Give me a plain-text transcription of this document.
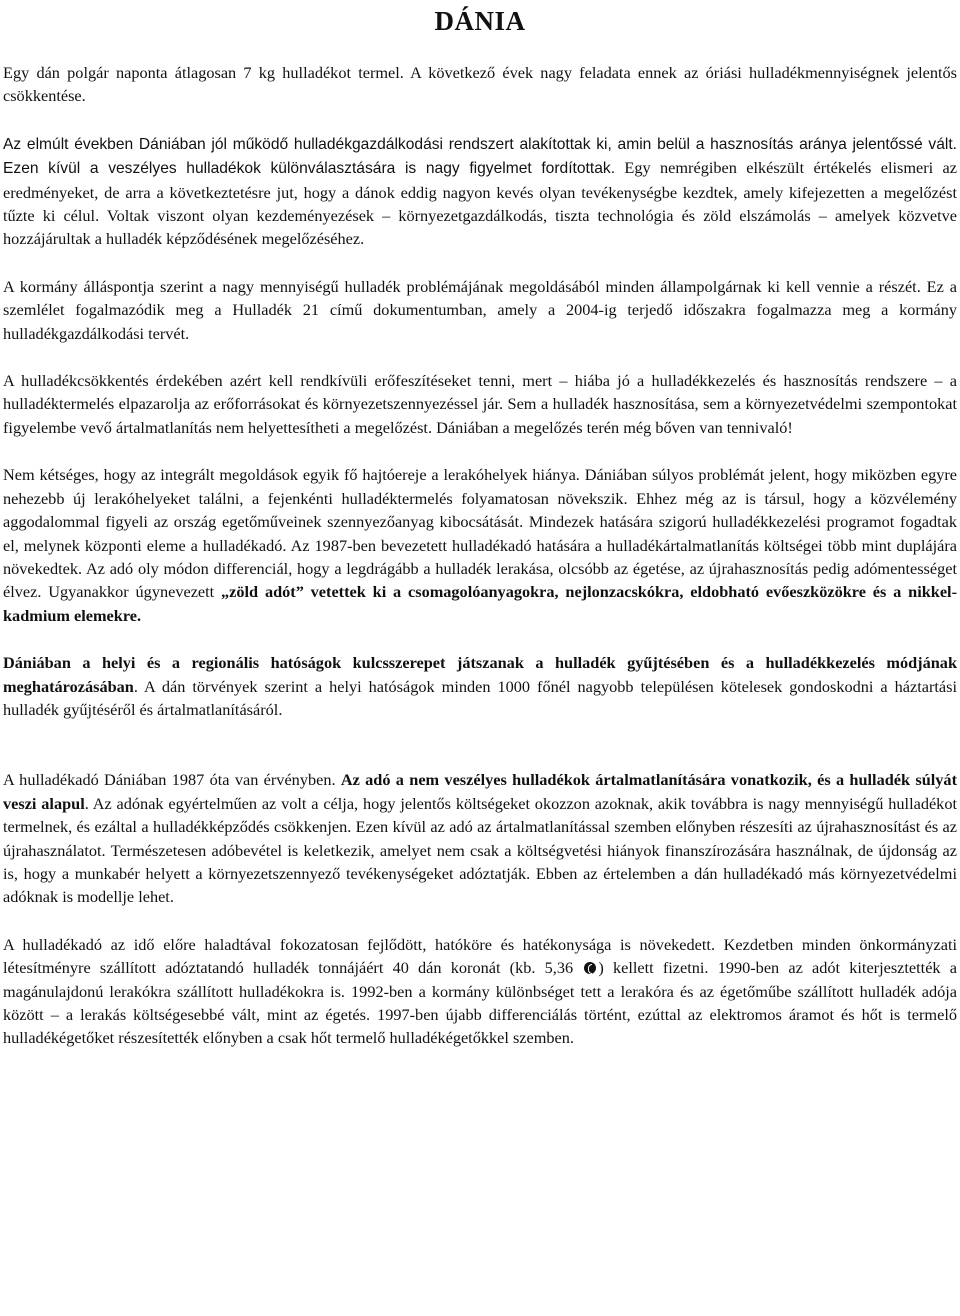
DÁNIA

Egy dán polgár naponta átlagosan 7 kg hulladékot termel. A következő évek nagy feladata ennek az óriási hulladékmennyiségnek jelentős csökkentése.

Az elmúlt években Dániában jól működő hulladékgazdálkodási rendszert alakítottak ki, amin belül a hasznosítás aránya jelentőssé vált. Ezen kívül a veszélyes hulladékok különválasztására is nagy figyelmet fordítottak. Egy nemrégiben elkészült értékelés elismeri az eredményeket, de arra a következtetésre jut, hogy a dánok eddig nagyon kevés olyan tevékenységbe kezdtek, amely kifejezetten a megelőzést tűzte ki célul. Voltak viszont olyan kezdeményezések – környezetgazdálkodás, tiszta technológia és zöld elszámolás – amelyek közvetve hozzájárultak a hulladék képződésének megelőzéséhez.

A kormány álláspontja szerint a nagy mennyiségű hulladék problémájának megoldásából minden állampolgárnak ki kell vennie a részét. Ez a szemlélet fogalmazódik meg a Hulladék 21 című dokumentumban, amely a 2004-ig terjedő időszakra fogalmazza meg a kormány hulladékgazdálkodási tervét.

A hulladékcsökkentés érdekében azért kell rendkívüli erőfeszítéseket tenni, mert – hiába jó a hulladékkezelés és hasznosítás rendszere – a hulladéktermelés elpazarolja az erőforrásokat és környezetszennyezéssel jár. Sem a hulladék hasznosítása, sem a környezetvédelmi szempontokat figyelembe vevő ártalmatlanítás nem helyettesítheti a megelőzést. Dániában a megelőzés terén még bőven van tennivaló!

Nem kétséges, hogy az integrált megoldások egyik fő hajtóereje a lerakóhelyek hiánya. Dániában súlyos problémát jelent, hogy miközben egyre nehezebb új lerakóhelyeket találni, a fejenkénti hulladéktermelés folyamatosan növekszik. Ehhez még az is társul, hogy a közvélemény aggodalommal figyeli az ország egetőműveinek szennyezőanyag kibocsátását. Mindezek hatására szigorú hulladékkezelési programot fogadtak el, melynek központi eleme a hulladékadó. Az 1987-ben bevezetett hulladékadó hatására a hulladékártalmatlanítás költségei több mint duplájára növekedtek. Az adó oly módon differenciál, hogy a legdrágább a hulladék lerakása, olcsóbb az égetése, az újrahasznosítás pedig adómentességet élvez. Ugyanakkor úgynevezett „zöld adót” vetettek ki a csomagolóanyagokra, nejlonzacskókra, eldobható evőeszközökre és a nikkel-kadmium elemekre.

Dániában a helyi és a regionális hatóságok kulcsszerepet játszanak a hulladék gyűjtésében és a hulladékkezelés módjának meghatározásában. A dán törvények szerint a helyi hatóságok minden 1000 főnél nagyobb településen kötelesek gondoskodni a háztartási hulladék gyűjtéséről és ártalmatlanításáról.

A hulladékadó Dániában 1987 óta van érvényben. Az adó a nem veszélyes hulladékok ártalmatlanítására vonatkozik, és a hulladék súlyát veszi alapul. Az adónak egyértelműen az volt a célja, hogy jelentős költségeket okozzon azoknak, akik továbbra is nagy mennyiségű hulladékot termelnek, és ezáltal a hulladékképződés csökkenjen. Ezen kívül az adó az ártalmatlanítással szemben előnyben részesíti az újrahasznosítást és az újrahasználatot. Természetesen adóbevétel is keletkezik, amelyet nem csak a költségvetési hiányok finanszírozására használnak, de újdonság az is, hogy a munkabér helyett a környezetszennyező tevékenységeket adóztatják. Ebben az értelemben a dán hulladékadó más környezetvédelmi adóknak is modellje lehet.

A hulladékadó az idő előre haladtával fokozatosan fejlődött, hatóköre és hatékonysága is növekedett. Kezdetben minden önkormányzati létesítményre szállított adóztatandó hulladék tonnájáért 40 dán koronát (kb. 5,36 ) kellett fizetni. 1990-ben az adót kiterjesztették a magánulajdonú lerakókra szállított hulladékokra is. 1992-ben a kormány különbséget tett a lerakóra és az égetőműbe szállított hulladék adója között – a lerakás költségesebbé vált, mint az égetés. 1997-ben újabb differenciálás történt, ezúttal az elektromos áramot és hőt is termelő hulladékégetőket részesítették előnyben a csak hőt termelő hulladékégetőkkel szemben.
